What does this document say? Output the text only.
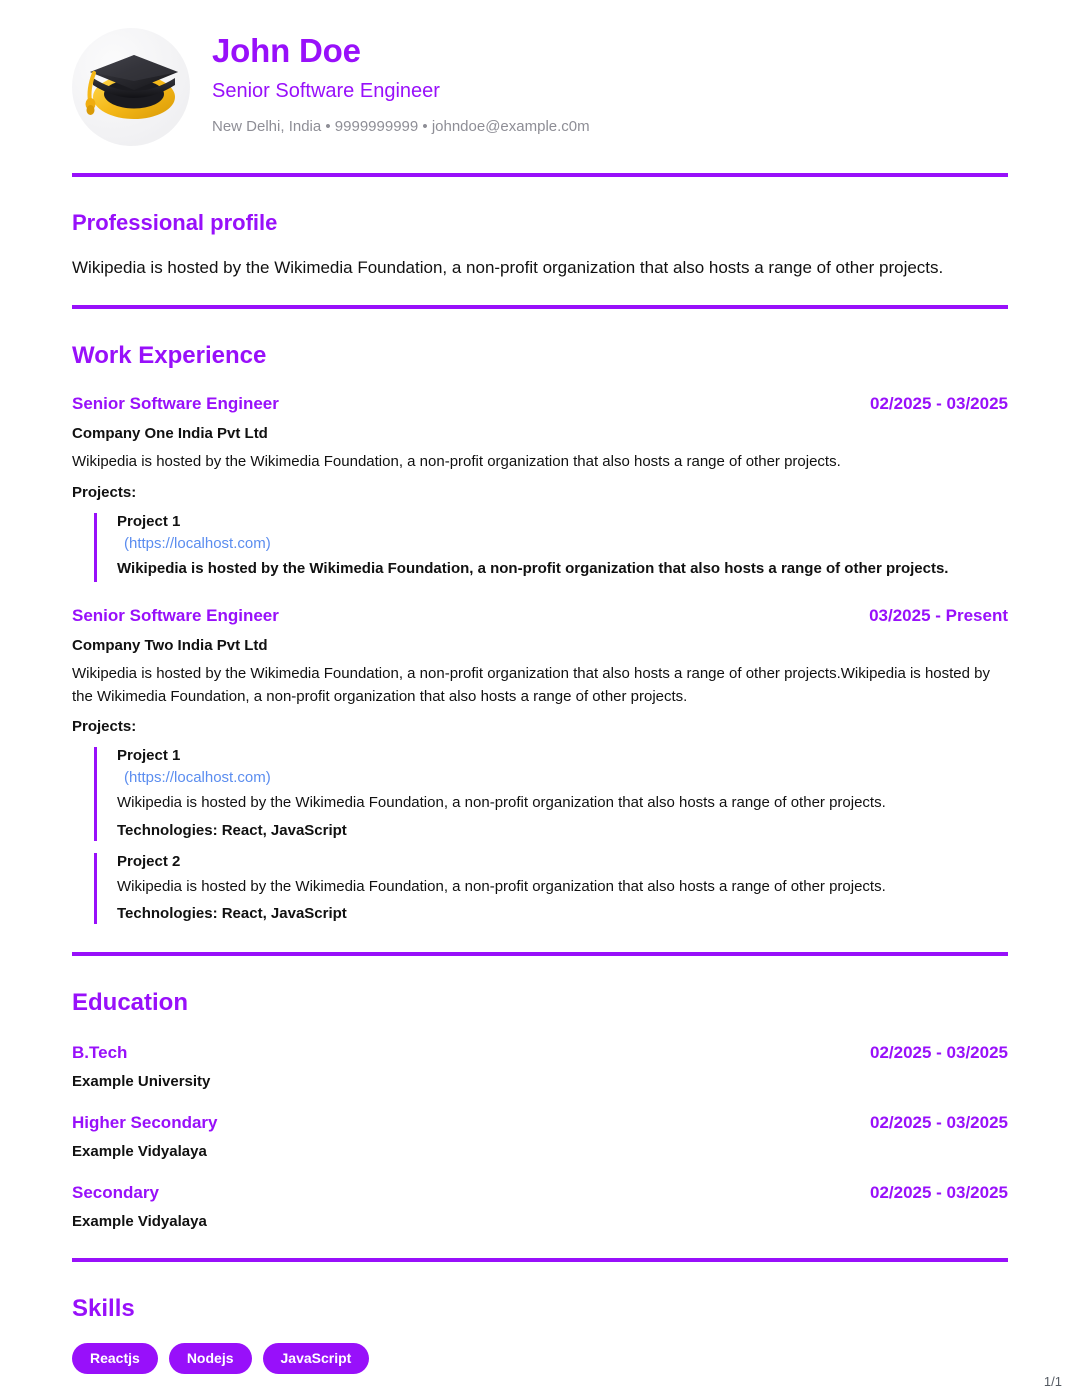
John Doe
Senior Software Engineer
New Delhi, India • 9999999999 • johndoe@example.c0m
Professional profile
Wikipedia is hosted by the Wikimedia Foundation, a non-profit organization that also hosts a range of other projects.
Work Experience
Senior Software Engineer	02/2025 - 03/2025
Company One India Pvt Ltd
Wikipedia is hosted by the Wikimedia Foundation, a non-profit organization that also hosts a range of other projects.
Projects:
Project 1
(https://localhost.com)
Wikipedia is hosted by the Wikimedia Foundation, a non-profit organization that also hosts a range of other projects.
Senior Software Engineer	03/2025 - Present
Company Two India Pvt Ltd
Wikipedia is hosted by the Wikimedia Foundation, a non-profit organization that also hosts a range of other projects.Wikipedia is hosted by the Wikimedia Foundation, a non-profit organization that also hosts a range of other projects.
Projects:
Project 1
(https://localhost.com)
Wikipedia is hosted by the Wikimedia Foundation, a non-profit organization that also hosts a range of other projects.
Technologies: React, JavaScript
Project 2
Wikipedia is hosted by the Wikimedia Foundation, a non-profit organization that also hosts a range of other projects.
Technologies: React, JavaScript
Education
B.Tech	02/2025 - 03/2025
Example University
Higher Secondary	02/2025 - 03/2025
Example Vidyalaya
Secondary	02/2025 - 03/2025
Example Vidyalaya
Skills
Reactjs	Nodejs	JavaScript
1/1
